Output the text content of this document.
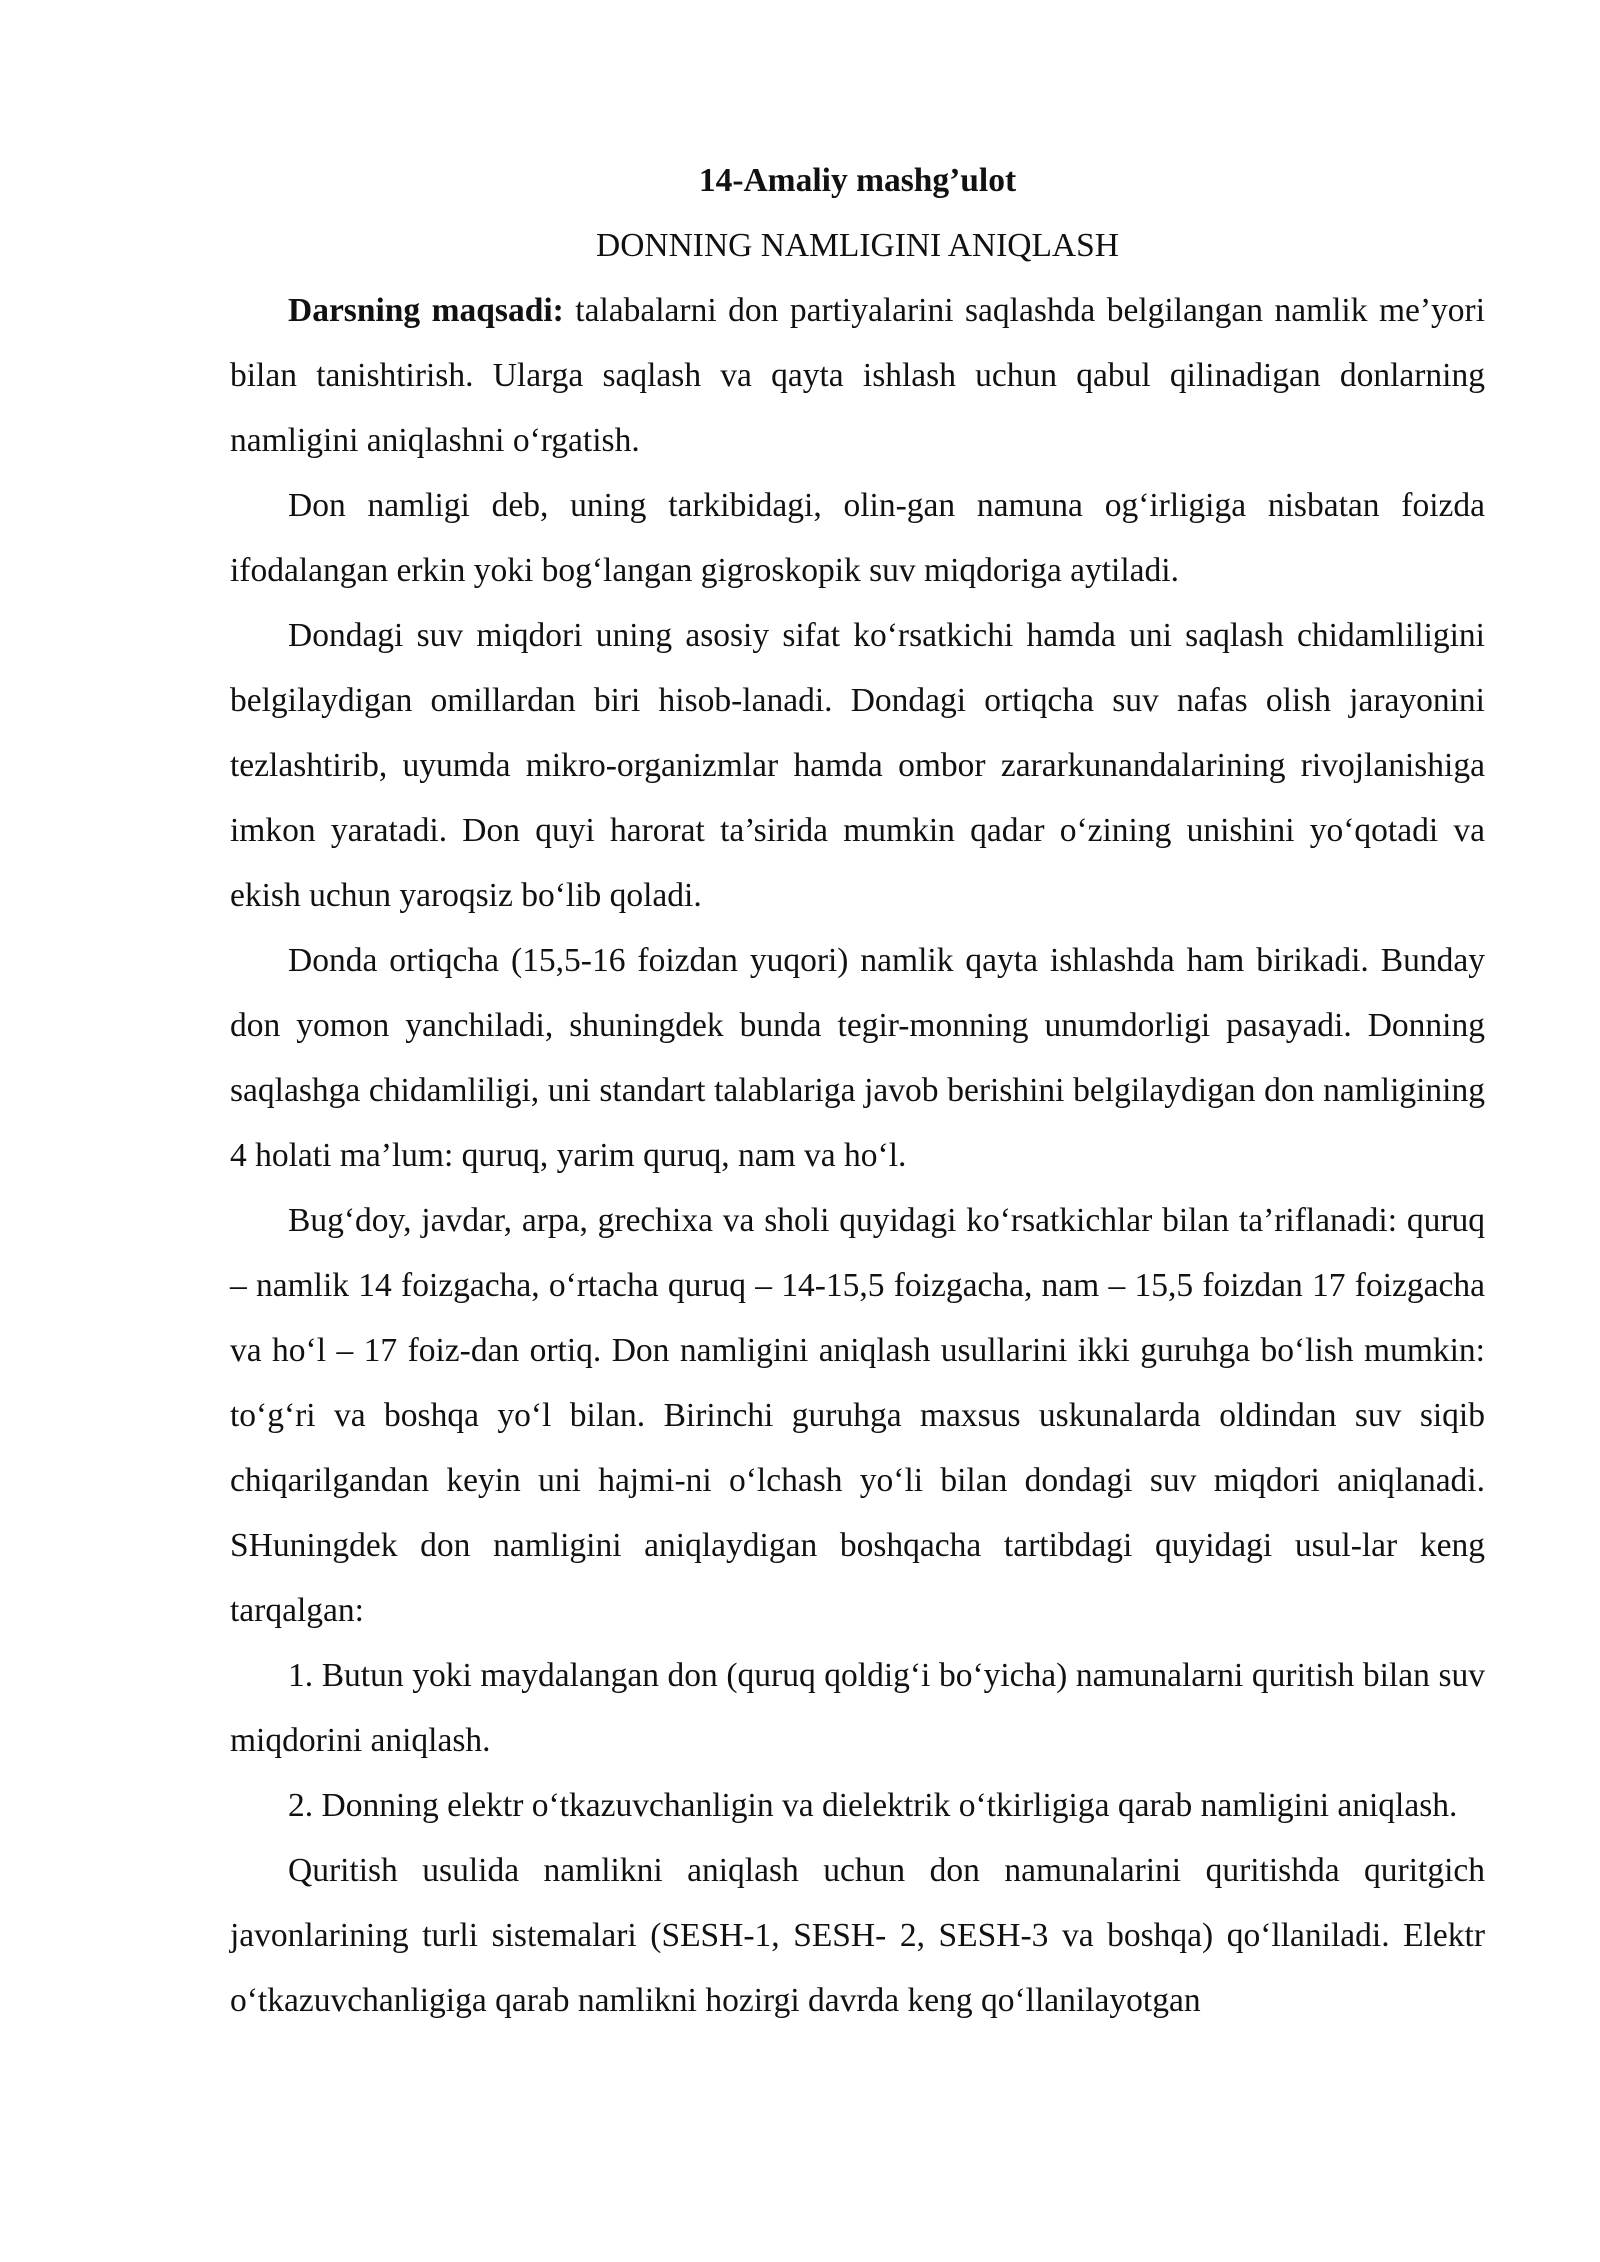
14-Amaliy mashg’ulot
DONNING NAMLIGINI ANIQLASH

Darsning maqsadi: talabalarni don partiyalarini saqlashda belgilangan namlik me’yori bilan tanishtirish. Ularga saqlash va qayta ishlash uchun qabul qilinadigan donlarning namligini aniqlashni o‘rgatish.

Don namligi deb, uning tarkibidagi, olin-gan namuna og‘irligiga nisbatan foizda ifodalangan erkin yoki bog‘langan gigroskopik suv miqdoriga aytiladi.

Dondagi suv miqdori uning asosiy sifat ko‘rsatkichi hamda uni saqlash chidamliligini belgilaydigan omillardan biri hisob-lanadi. Dondagi ortiqcha suv nafas olish jarayonini tezlashtirib, uyumda mikro-organizmlar hamda ombor zararkunandalarining rivojlanishiga imkon yaratadi. Don quyi harorat ta’sirida mumkin qadar o‘zining unishini yo‘qotadi va ekish uchun yaroqsiz bo‘lib qoladi.

Donda ortiqcha (15,5-16 foizdan yuqori) namlik qayta ishlashda ham birikadi. Bunday don yomon yanchiladi, shuningdek bunda tegir-monning unumdorligi pasayadi. Donning saqlashga chidamliligi, uni standart talablariga javob berishini belgilaydigan don namligining 4 holati ma’lum: quruq, yarim quruq, nam va ho‘l.

Bug‘doy, javdar, arpa, grechixa va sholi quyidagi ko‘rsatkichlar bilan ta’riflanadi: quruq – namlik 14 foizgacha, o‘rtacha quruq – 14-15,5 foizgacha, nam – 15,5 foizdan 17 foizgacha va ho‘l – 17 foiz-dan ortiq. Don namligini aniqlash usullarini ikki guruhga bo‘lish mumkin: to‘g‘ri va boshqa yo‘l bilan. Birinchi guruhga maxsus uskunalarda oldindan suv siqib chiqarilgandan keyin uni hajmi-ni o‘lchash yo‘li bilan dondagi suv miqdori aniqlanadi. SHuningdek don namligini aniqlaydigan boshqacha tartibdagi quyidagi usul-lar keng tarqalgan:

1. Butun yoki maydalangan don (quruq qoldig‘i bo‘yicha) namunalarni quritish bilan suv miqdorini aniqlash.

2. Donning elektr o‘tkazuvchanligin va dielektrik o‘tkirligiga qarab namligini aniqlash.

Quritish usulida namlikni aniqlash uchun don namunalarini quritishda quritgich javonlarining turli sistemalari (SESH-1, SESH- 2, SESH-3 va boshqa) qo‘llaniladi. Elektr o‘tkazuvchanligiga qarab namlikni hozirgi davrda keng qo‘llanilayotgan
